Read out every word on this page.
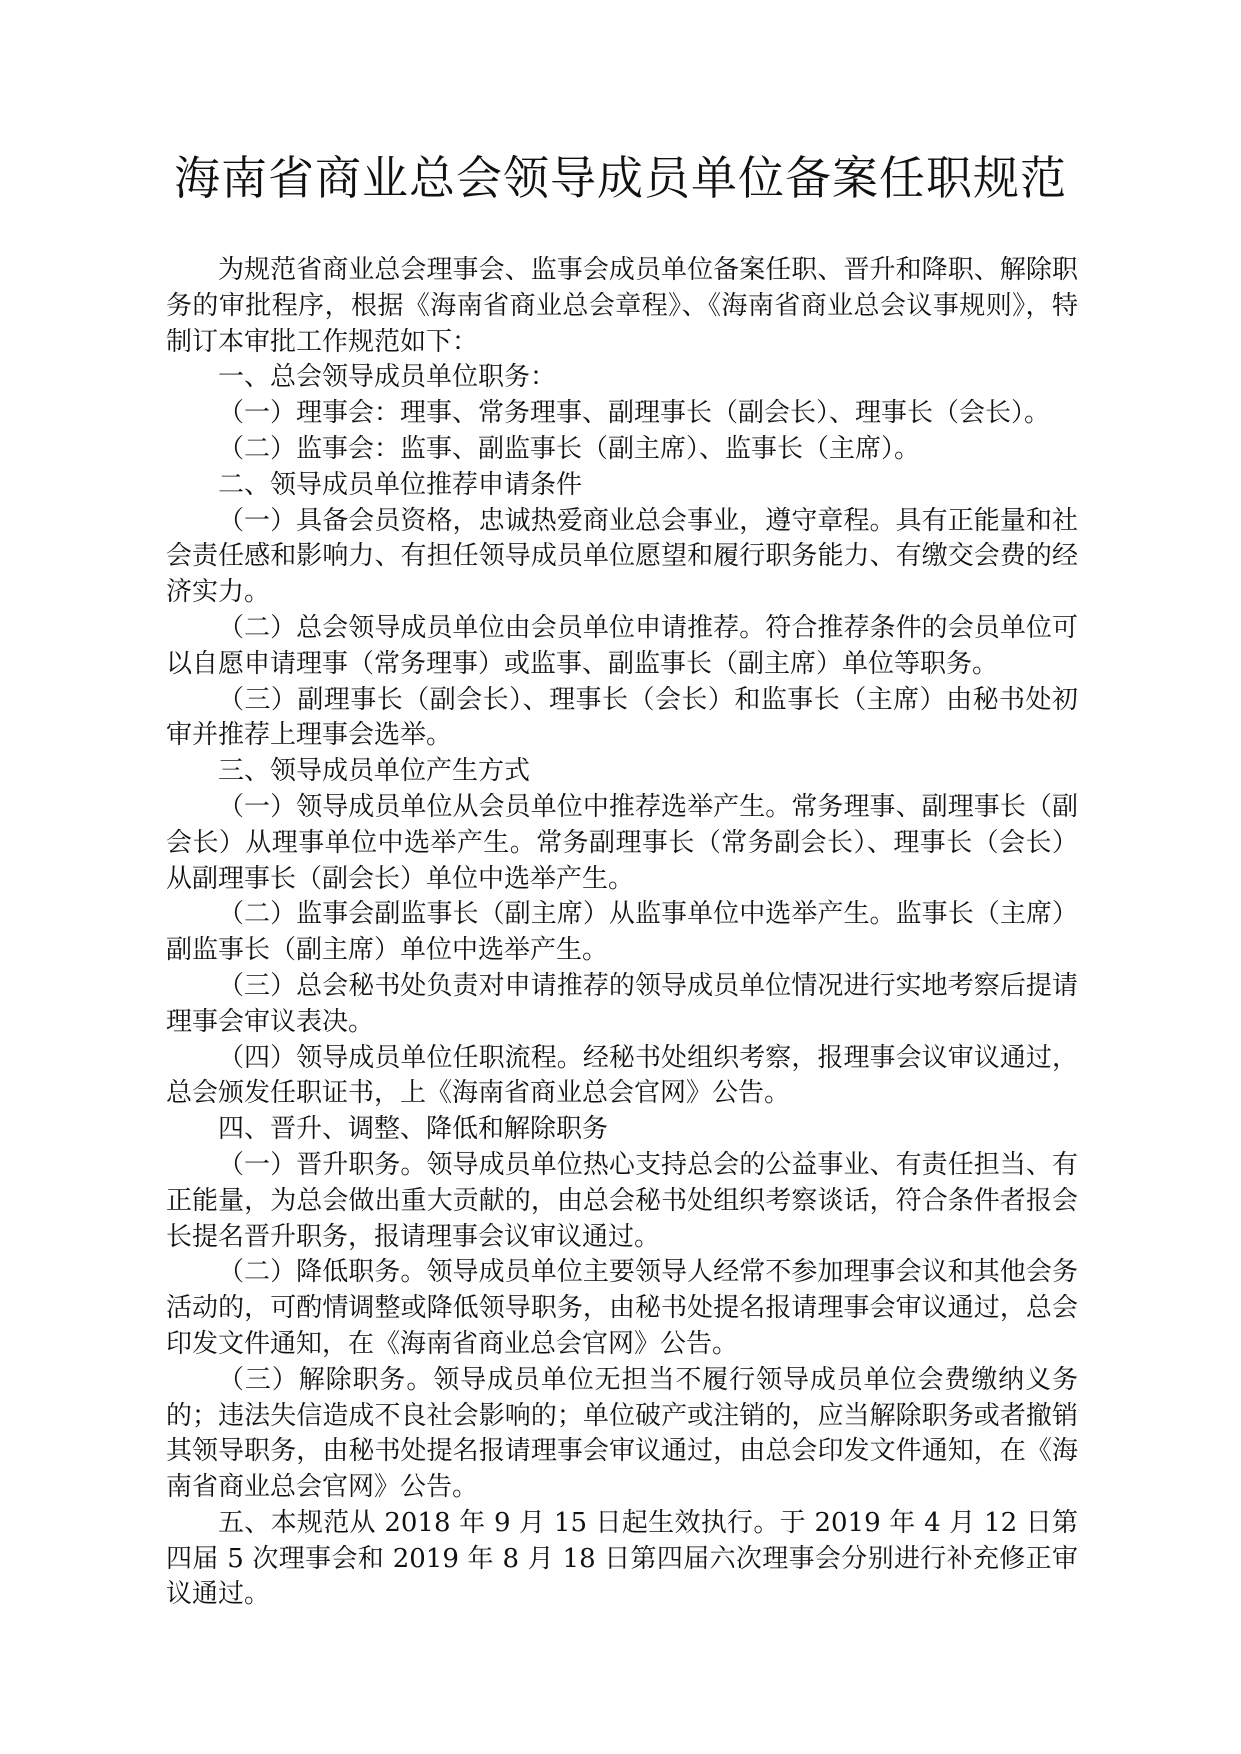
海南省商业总会领导成员单位备案任职规范

为规范省商业总会理事会、监事会成员单位备案任职、晋升和降职、解除职务的审批程序，根据《海南省商业总会章程》、《海南省商业总会议事规则》，特制订本审批工作规范如下：

一、总会领导成员单位职务：

（一）理事会：理事、常务理事、副理事长（副会长）、理事长（会长）。

（二）监事会：监事、副监事长（副主席）、监事长（主席）。

二、领导成员单位推荐申请条件

（一）具备会员资格，忠诚热爱商业总会事业，遵守章程。具有正能量和社会责任感和影响力、有担任领导成员单位愿望和履行职务能力、有缴交会费的经济实力。

（二）总会领导成员单位由会员单位申请推荐。符合推荐条件的会员单位可以自愿申请理事（常务理事）或监事、副监事长（副主席）单位等职务。

（三）副理事长（副会长）、理事长（会长）和监事长（主席）由秘书处初审并推荐上理事会选举。

三、领导成员单位产生方式

（一）领导成员单位从会员单位中推荐选举产生。常务理事、副理事长（副会长）从理事单位中选举产生。常务副理事长（常务副会长）、理事长（会长）从副理事长（副会长）单位中选举产生。

（二）监事会副监事长（副主席）从监事单位中选举产生。监事长（主席）副监事长（副主席）单位中选举产生。

（三）总会秘书处负责对申请推荐的领导成员单位情况进行实地考察后提请理事会审议表决。

（四）领导成员单位任职流程。经秘书处组织考察，报理事会议审议通过，总会颁发任职证书，上《海南省商业总会官网》公告。

四、晋升、调整、降低和解除职务

（一）晋升职务。领导成员单位热心支持总会的公益事业、有责任担当、有正能量，为总会做出重大贡献的，由总会秘书处组织考察谈话，符合条件者报会长提名晋升职务，报请理事会议审议通过。

（二）降低职务。领导成员单位主要领导人经常不参加理事会议和其他会务活动的，可酌情调整或降低领导职务，由秘书处提名报请理事会审议通过，总会印发文件通知，在《海南省商业总会官网》公告。

（三）解除职务。领导成员单位无担当不履行领导成员单位会费缴纳义务的；违法失信造成不良社会影响的；单位破产或注销的，应当解除职务或者撤销其领导职务，由秘书处提名报请理事会审议通过，由总会印发文件通知，在《海南省商业总会官网》公告。

五、本规范从 2018 年 9 月 15 日起生效执行。于 2019 年 4 月 12 日第四届 5 次理事会和 2019 年 8 月 18 日第四届六次理事会分别进行补充修正审议通过。
